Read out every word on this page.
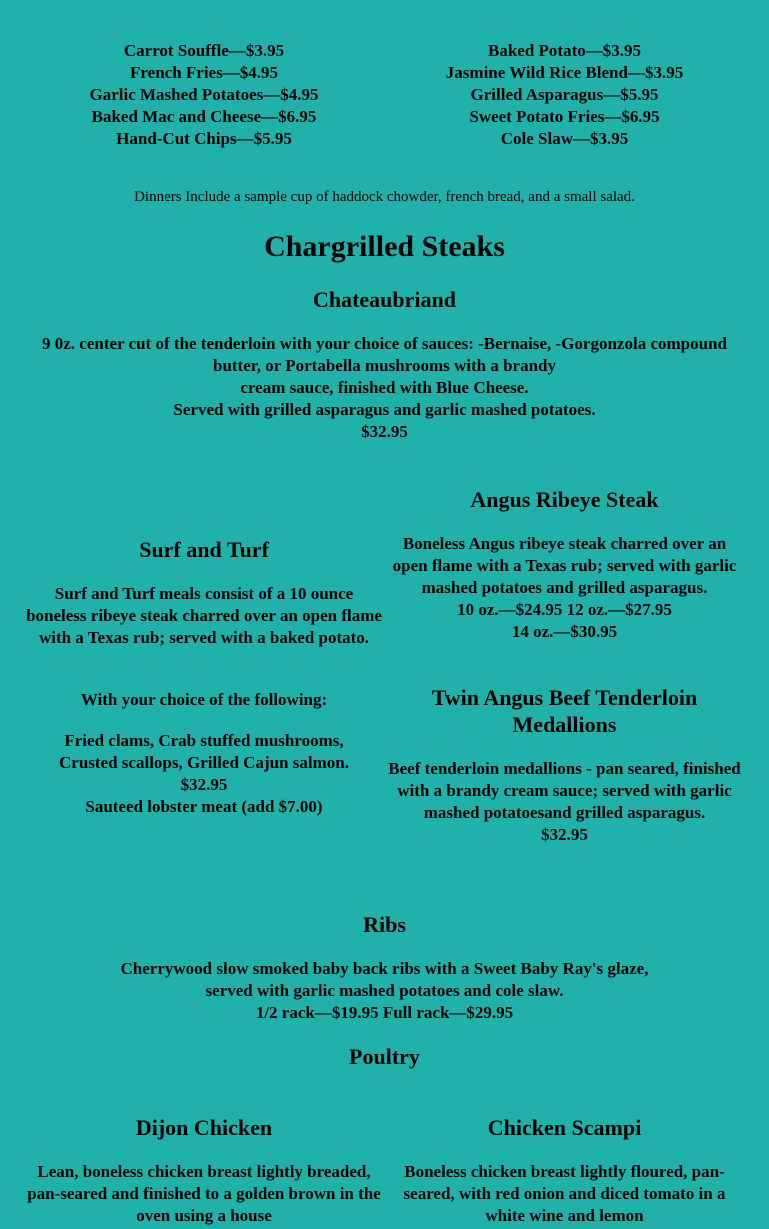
Carrot Souffle—$3.95
French Fries—$4.95
Garlic Mashed Potatoes—$4.95
Baked Mac and Cheese—$6.95
Hand-Cut Chips—$5.95
Baked Potato—$3.95
Jasmine Wild Rice Blend—$3.95
Grilled Asparagus—$5.95
Sweet Potato Fries—$6.95
Cole Slaw—$3.95
Dinners Include a sample cup of haddock chowder, french bread, and a small salad.
Chargrilled Steaks
Chateaubriand
9 0z. center cut of the tenderloin with your choice of sauces: -Bernaise, -Gorgonzola compound butter, or Portabella mushrooms with a brandy
cream sauce, finished with Blue Cheese.
Served with grilled asparagus and garlic mashed potatoes.
$32.95
Angus Ribeye Steak
Boneless Angus ribeye steak charred over an open flame with a Texas rub; served with garlic mashed potatoes and grilled asparagus.
10 oz.—$24.95 12 oz.—$27.95
14 oz.—$30.95
Surf and Turf
Surf and Turf meals consist of a 10 ounce boneless ribeye steak charred over an open flame with a Texas rub; served with a baked potato.
With your choice of the following:
Fried clams, Crab stuffed mushrooms,
Crusted scallops, Grilled Cajun salmon.
$32.95
Sauteed lobster meat (add $7.00)
Twin Angus Beef Tenderloin
Medallions
Beef tenderloin medallions - pan seared, finished with a brandy cream sauce; served with garlic mashed potatoesand grilled asparagus.
$32.95
Ribs
Cherrywood slow smoked baby back ribs with a Sweet Baby Ray's glaze,
served with garlic mashed potatoes and cole slaw.
1/2 rack—$19.95 Full rack—$29.95
Poultry
Dijon Chicken
Lean, boneless chicken breast lightly breaded, pan-seared and finished to a golden brown in the oven using a house
Chicken Scampi
Boneless chicken breast lightly floured, pan-seared, with red onion and diced tomato in a white wine and lemon
